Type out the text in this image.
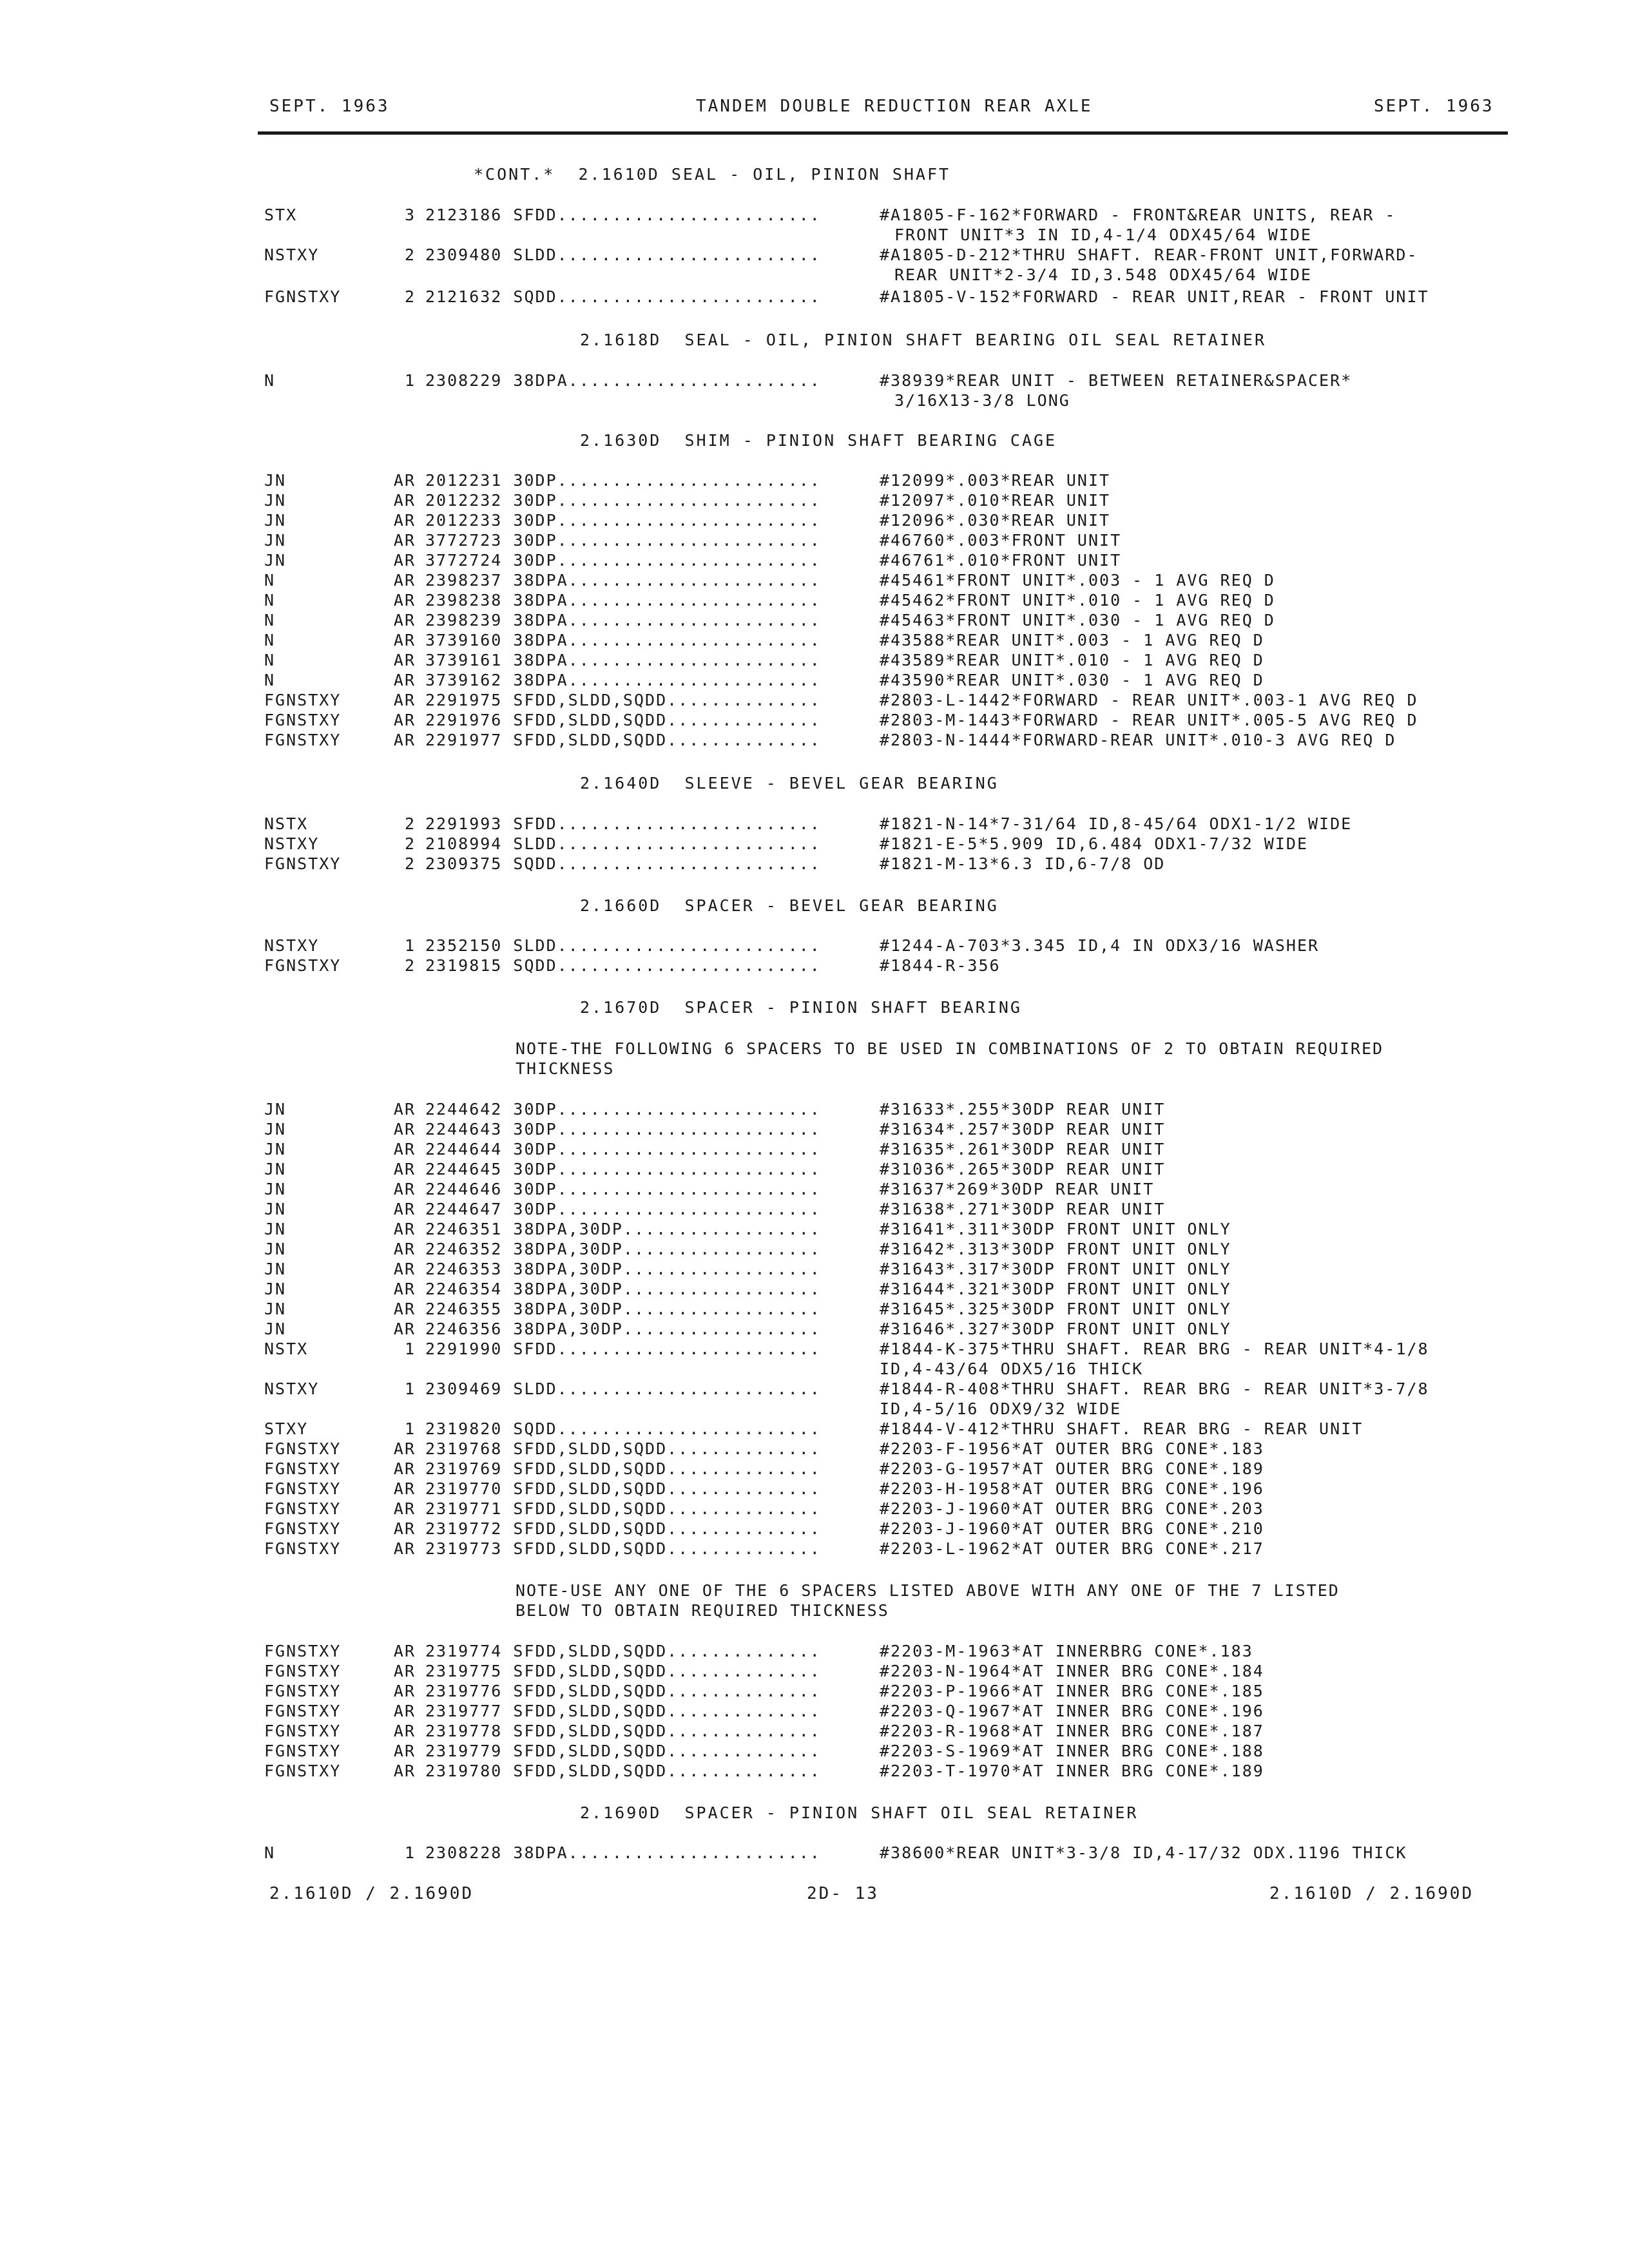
SEPT. 1963	TANDEM DOUBLE REDUCTION REAR AXLE	SEPT. 1963
*CONT.*  2.1610D SEAL - OIL, PINION SHAFT
STX	3 2123186 SFDD........................	#A1805-F-162*FORWARD - FRONT&REAR UNITS, REAR -
FRONT UNIT*3 IN ID,4-1/4 ODX45/64 WIDE
NSTXY	2 2309480 SLDD........................	#A1805-D-212*THRU SHAFT. REAR-FRONT UNIT,FORWARD-
REAR UNIT*2-3/4 ID,3.548 ODX45/64 WIDE
FGNSTXY	2 2121632 SQDD........................	#A1805-V-152*FORWARD - REAR UNIT,REAR - FRONT UNIT
2.1618D  SEAL - OIL, PINION SHAFT BEARING OIL SEAL RETAINER
N	1 2308229 38DPA.......................	#38939*REAR UNIT - BETWEEN RETAINER&SPACER*
3/16X13-3/8 LONG
2.1630D  SHIM - PINION SHAFT BEARING CAGE
JN	AR 2012231 30DP........................	#12099*.003*REAR UNIT
JN	AR 2012232 30DP........................	#12097*.010*REAR UNIT
JN	AR 2012233 30DP........................	#12096*.030*REAR UNIT
JN	AR 3772723 30DP........................	#46760*.003*FRONT UNIT
JN	AR 3772724 30DP........................	#46761*.010*FRONT UNIT
N	AR 2398237 38DPA.......................	#45461*FRONT UNIT*.003 - 1 AVG REQ D
N	AR 2398238 38DPA.......................	#45462*FRONT UNIT*.010 - 1 AVG REQ D
N	AR 2398239 38DPA.......................	#45463*FRONT UNIT*.030 - 1 AVG REQ D
N	AR 3739160 38DPA.......................	#43588*REAR UNIT*.003 - 1 AVG REQ D
N	AR 3739161 38DPA.......................	#43589*REAR UNIT*.010 - 1 AVG REQ D
N	AR 3739162 38DPA.......................	#43590*REAR UNIT*.030 - 1 AVG REQ D
FGNSTXY	AR 2291975 SFDD,SLDD,SQDD..............	#2803-L-1442*FORWARD - REAR UNIT*.003-1 AVG REQ D
FGNSTXY	AR 2291976 SFDD,SLDD,SQDD..............	#2803-M-1443*FORWARD - REAR UNIT*.005-5 AVG REQ D
FGNSTXY	AR 2291977 SFDD,SLDD,SQDD..............	#2803-N-1444*FORWARD-REAR UNIT*.010-3 AVG REQ D
2.1640D  SLEEVE - BEVEL GEAR BEARING
NSTX	2 2291993 SFDD........................	#1821-N-14*7-31/64 ID,8-45/64 ODX1-1/2 WIDE
NSTXY	2 2108994 SLDD........................	#1821-E-5*5.909 ID,6.484 ODX1-7/32 WIDE
FGNSTXY	2 2309375 SQDD........................	#1821-M-13*6.3 ID,6-7/8 OD
2.1660D  SPACER - BEVEL GEAR BEARING
NSTXY	1 2352150 SLDD........................	#1244-A-703*3.345 ID,4 IN ODX3/16 WASHER
FGNSTXY	2 2319815 SQDD........................	#1844-R-356
2.1670D  SPACER - PINION SHAFT BEARING
NOTE-THE FOLLOWING 6 SPACERS TO BE USED IN COMBINATIONS OF 2 TO OBTAIN REQUIRED
THICKNESS
JN	AR 2244642 30DP........................	#31633*.255*30DP REAR UNIT
JN	AR 2244643 30DP........................	#31634*.257*30DP REAR UNIT
JN	AR 2244644 30DP........................	#31635*.261*30DP REAR UNIT
JN	AR 2244645 30DP........................	#31036*.265*30DP REAR UNIT
JN	AR 2244646 30DP........................	#31637*269*30DP REAR UNIT
JN	AR 2244647 30DP........................	#31638*.271*30DP REAR UNIT
JN	AR 2246351 38DPA,30DP..................	#31641*.311*30DP FRONT UNIT ONLY
JN	AR 2246352 38DPA,30DP..................	#31642*.313*30DP FRONT UNIT ONLY
JN	AR 2246353 38DPA,30DP..................	#31643*.317*30DP FRONT UNIT ONLY
JN	AR 2246354 38DPA,30DP..................	#31644*.321*30DP FRONT UNIT ONLY
JN	AR 2246355 38DPA,30DP..................	#31645*.325*30DP FRONT UNIT ONLY
JN	AR 2246356 38DPA,30DP..................	#31646*.327*30DP FRONT UNIT ONLY
NSTX	1 2291990 SFDD........................	#1844-K-375*THRU SHAFT. REAR BRG - REAR UNIT*4-1/8
ID,4-43/64 ODX5/16 THICK
NSTXY	1 2309469 SLDD........................	#1844-R-408*THRU SHAFT. REAR BRG - REAR UNIT*3-7/8
ID,4-5/16 ODX9/32 WIDE
STXY	1 2319820 SQDD........................	#1844-V-412*THRU SHAFT. REAR BRG - REAR UNIT
FGNSTXY	AR 2319768 SFDD,SLDD,SQDD..............	#2203-F-1956*AT OUTER BRG CONE*.183
FGNSTXY	AR 2319769 SFDD,SLDD,SQDD..............	#2203-G-1957*AT OUTER BRG CONE*.189
FGNSTXY	AR 2319770 SFDD,SLDD,SQDD..............	#2203-H-1958*AT OUTER BRG CONE*.196
FGNSTXY	AR 2319771 SFDD,SLDD,SQDD..............	#2203-J-1960*AT OUTER BRG CONE*.203
FGNSTXY	AR 2319772 SFDD,SLDD,SQDD..............	#2203-J-1960*AT OUTER BRG CONE*.210
FGNSTXY	AR 2319773 SFDD,SLDD,SQDD..............	#2203-L-1962*AT OUTER BRG CONE*.217
NOTE-USE ANY ONE OF THE 6 SPACERS LISTED ABOVE WITH ANY ONE OF THE 7 LISTED
BELOW TO OBTAIN REQUIRED THICKNESS
FGNSTXY	AR 2319774 SFDD,SLDD,SQDD..............	#2203-M-1963*AT INNERBRG CONE*.183
FGNSTXY	AR 2319775 SFDD,SLDD,SQDD..............	#2203-N-1964*AT INNER BRG CONE*.184
FGNSTXY	AR 2319776 SFDD,SLDD,SQDD..............	#2203-P-1966*AT INNER BRG CONE*.185
FGNSTXY	AR 2319777 SFDD,SLDD,SQDD..............	#2203-Q-1967*AT INNER BRG CONE*.196
FGNSTXY	AR 2319778 SFDD,SLDD,SQDD..............	#2203-R-1968*AT INNER BRG CONE*.187
FGNSTXY	AR 2319779 SFDD,SLDD,SQDD..............	#2203-S-1969*AT INNER BRG CONE*.188
FGNSTXY	AR 2319780 SFDD,SLDD,SQDD..............	#2203-T-1970*AT INNER BRG CONE*.189
2.1690D  SPACER - PINION SHAFT OIL SEAL RETAINER
N	1 2308228 38DPA.......................	#38600*REAR UNIT*3-3/8 ID,4-17/32 ODX.1196 THICK
2.1610D / 2.1690D	2D- 13	2.1610D / 2.1690D
